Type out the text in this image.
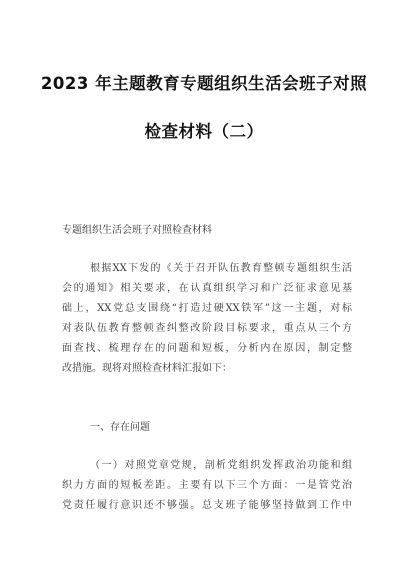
2023 年主题教育专题组织生活会班子对照
检查材料（二）
专题组织生活会班子对照检查材料
根据XX下发的《关于召开队伍教育整顿专题组织生活
会的通知》相关要求，在认真组织学习和广泛征求意见基
础上，XX党总支围绕“打造过硬XX铁军”这一主题，对标
对表队伍教育整顿查纠整改阶段目标要求，重点从三个方
面查找、梳理存在的问题和短板，分析内在原因，制定整
改措施。现将对照检查材料汇报如下：
一、存在问题
（一）对照党章党规，剖析党组织发挥政治功能和组
织力方面的短板差距。主要有以下三个方面：一是管党治
党责任履行意识还不够强。总支班子能够坚持做到工作中
